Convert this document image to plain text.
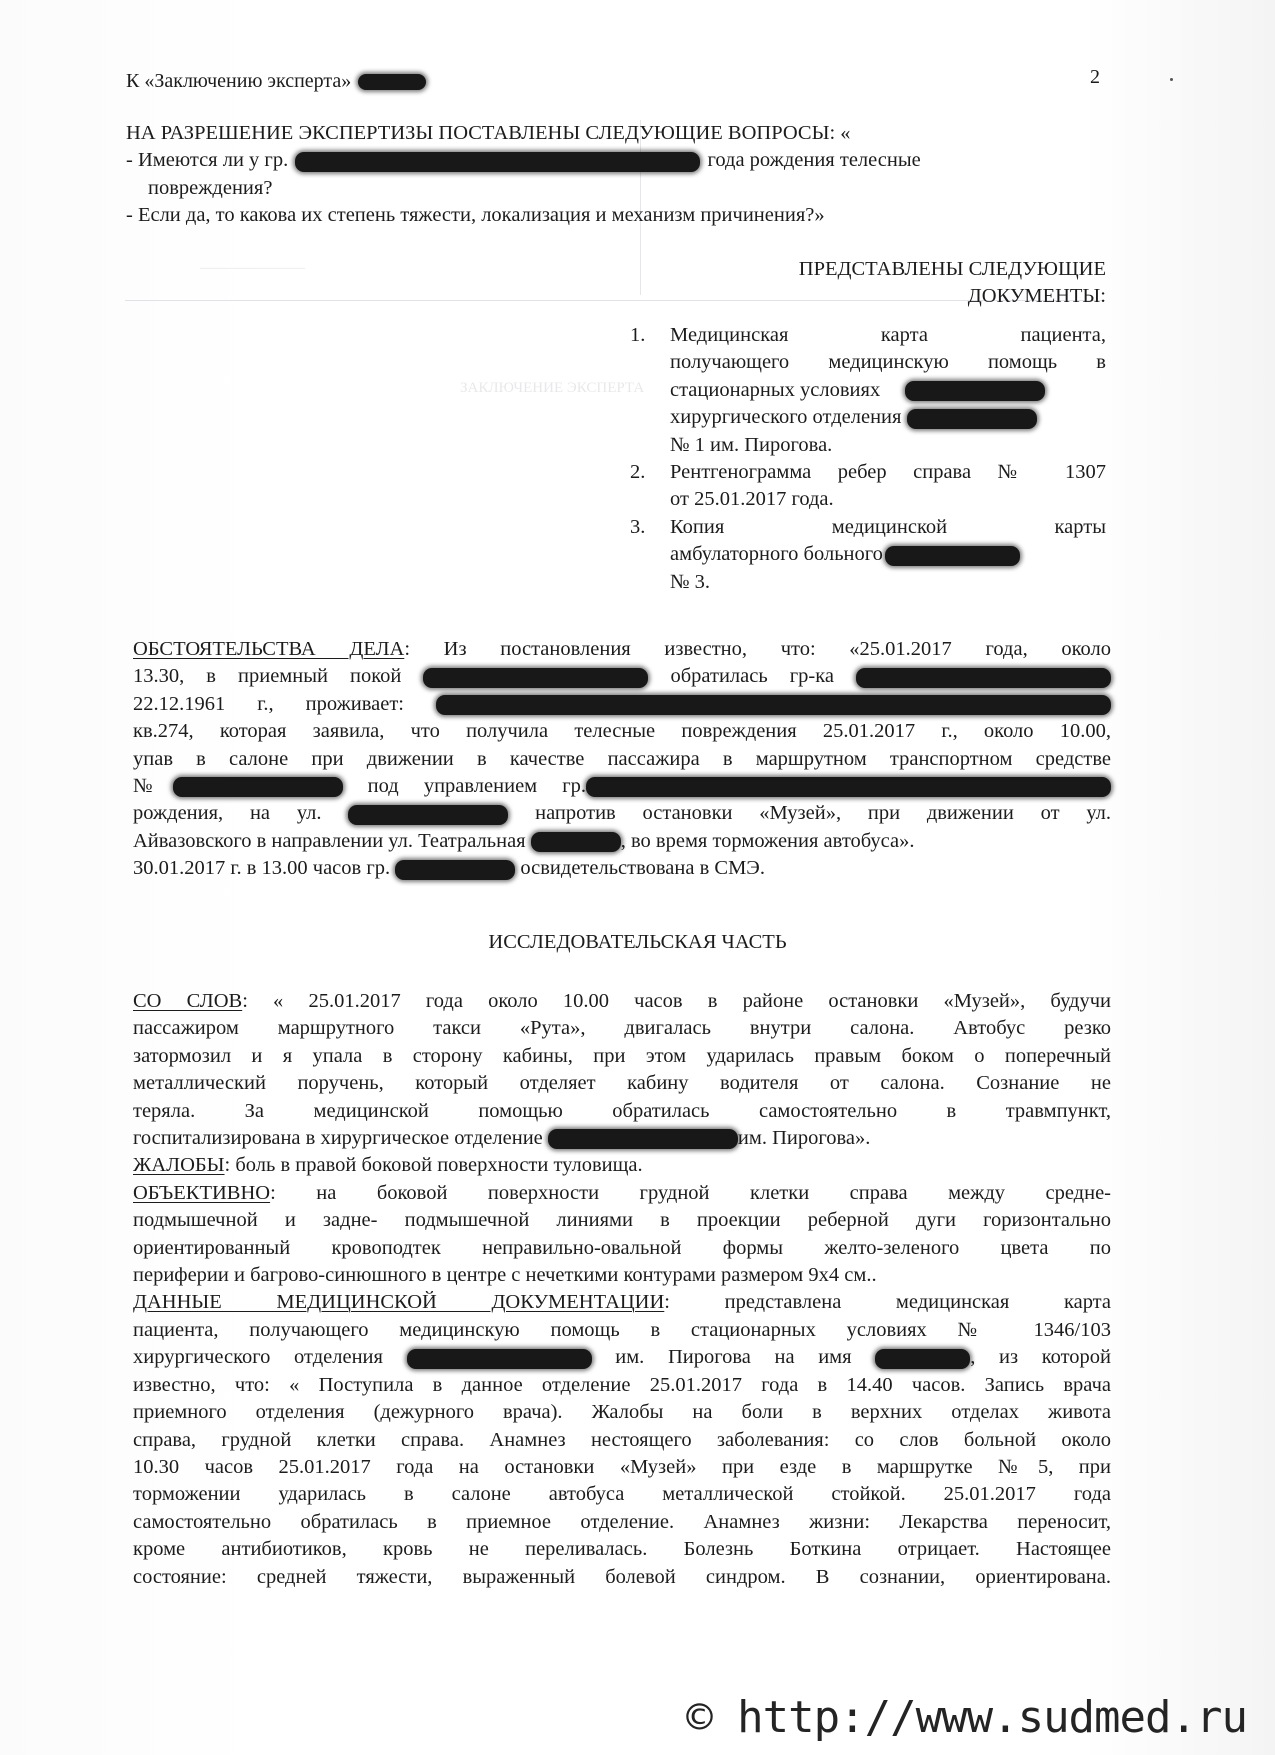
ЗАКЛЮЧЕНИЕ ЭКСПЕРТА
______________
К «Заключению эксперта»	2
НА РАЗРЕШЕНИЕ ЭКСПЕРТИЗЫ ПОСТАВЛЕНЫ СЛЕДУЮЩИЕ ВОПРОСЫ: «
- Имеются ли у гр.	года рождения телесные
повреждения?
- Если да, то какова их степень тяжести, локализация и механизм причинения?»
ПРЕДСТАВЛЕНЫ СЛЕДУЮЩИЕ
ДОКУМЕНТЫ:
1.	Медицинская карта пациента,
получающего медицинскую помощь в
стационарных условиях
хирургического отделения
№ 1 им. Пирогова.
2.	Рентгенограмма ребер справа № 1307
от 25.01.2017 года.
3.	Копия медицинской карты
амбулаторного больного
№ 3.
ОБСТОЯТЕЛЬСТВА ДЕЛА: Из постановления известно, что: «25.01.2017 года, около
13.30, в приемный покой	обратилась гр-ка
22.12.1961 г., проживает:
кв.274, которая заявила, что получила телесные повреждения 25.01.2017 г., около 10.00,
упав в салоне при движении в качестве пассажира в маршрутном транспортном средстве
№	под управлением гр.
рождения, на ул.	напротив остановки «Музей», при движении от ул.
Айвазовского в направлении ул. Театральная	, во время торможения автобуса».
30.01.2017 г. в 13.00 часов гр.	освидетельствована в СМЭ.
ИССЛЕДОВАТЕЛЬСКАЯ ЧАСТЬ
СО СЛОВ: « 25.01.2017 года около 10.00 часов в районе остановки «Музей», будучи
пассажиром маршрутного такси «Рута», двигалась внутри салона. Автобус резко
затормозил и я упала в сторону кабины, при этом ударилась правым боком о поперечный
металлический поручень, который отделяет кабину водителя от салона. Сознание не
теряла. За медицинской помощью обратилась самостоятельно в травмпункт,
госпитализирована в хирургическое отделение	им. Пирогова».
ЖАЛОБЫ: боль в правой боковой поверхности туловища.
ОБЪЕКТИВНО: на боковой поверхности грудной клетки справа между средне-
подмышечной и задне- подмышечной линиями в проекции реберной дуги горизонтально
ориентированный кровоподтек неправильно-овальной формы желто-зеленого цвета по
периферии и багрово-синюшного в центре с нечеткими контурами размером 9х4 см..
ДАННЫЕ МЕДИЦИНСКОЙ ДОКУМЕНТАЦИИ: представлена медицинская карта
пациента, получающего медицинскую помощь в стационарных условиях № 1346/103
хирургического отделения	им. Пирогова на имя	, из которой
известно, что: « Поступила в данное отделение 25.01.2017 года в 14.40 часов. Запись врача
приемного отделения (дежурного врача). Жалобы на боли в верхних отделах живота
справа, грудной клетки справа. Анамнез нестоящего заболевания: со слов больной около
10.30 часов 25.01.2017 года на остановки «Музей» при езде в маршрутке №5, при
торможении ударилась в салоне автобуса металлической стойкой. 25.01.2017 года
самостоятельно обратилась в приемное отделение. Анамнез жизни: Лекарства переносит,
кроме антибиотиков, кровь не переливалась. Болезнь Боткина отрицает. Настоящее
состояние: средней тяжести, выраженный болевой синдром. В сознании, ориентирована.
© http://www.sudmed.ru
